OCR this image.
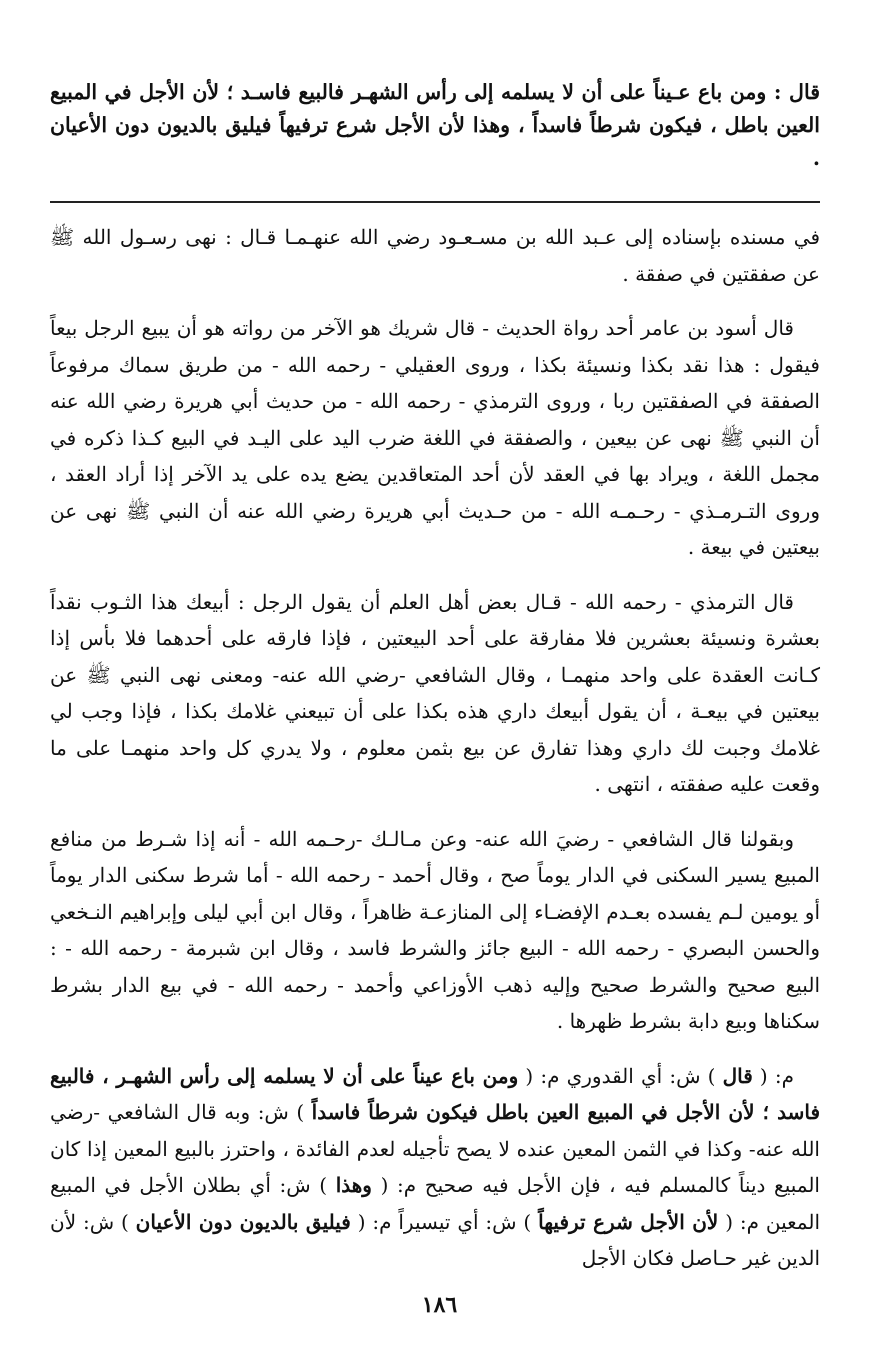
قال : ومن باع عـيناً على أن لا يسلمه إلى رأس الشهـر فالبيع فاسـد ؛ لأن الأجل في المبيع العين باطل ، فيكون شرطاً فاسداً ، وهذا لأن الأجل شرع ترفيهاً فيليق بالديون دون الأعيان .

في مسنده بإسناده إلى عـبد الله بن مسـعـود رضي الله عنهـمـا قـال : نهى رسـول الله ﷺ عن صفقتين في صفقة .

قال أسود بن عامر أحد رواة الحديث - قال شريك هو الآخر من رواته هو أن يبيع الرجل بيعاً فيقول : هذا نقد بكذا ونسيئة بكذا ، وروى العقيلي - رحمه الله - من طريق سماك مرفوعاً الصفقة في الصفقتين ربا ، وروى الترمذي - رحمه الله - من حديث أبي هريرة رضي الله عنه أن النبي ﷺ نهى عن بيعين ، والصفقة في اللغة ضرب اليد على اليـد في البيع كـذا ذكره في مجمل اللغة ، ويراد بها في العقد لأن أحد المتعاقدين يضع يده على يد الآخر إذا أراد العقد ، وروى التـرمـذي - رحـمـه الله - من حـديث أبي هريرة رضي الله عنه أن النبي ﷺ نهى عن بيعتين في بيعة .

قال الترمذي - رحمه الله - قـال بعض أهل العلم أن يقول الرجل : أبيعك هذا الثـوب نقداً بعشرة ونسيئة بعشرين فلا مفارقة على أحد البيعتين ، فإذا فارقه على أحدهما فلا بأس إذا كـانت العقدة على واحد منهمـا ، وقال الشافعي -رضي الله عنه- ومعنى نهى النبي ﷺ عن بيعتين في بيعـة ، أن يقول أبيعك داري هذه بكذا على أن تبيعني غلامك بكذا ، فإذا وجب لي غلامك وجبت لك داري وهذا تفارق عن بيع بثمن معلوم ، ولا يدري كل واحد منهمـا على ما وقعت عليه صفقته ، انتهى .

وبقولنا قال الشافعي - رضيَ الله عنه- وعن مـالـك -رحـمه الله - أنه إذا شـرط من منافع المبيع يسير السكنى في الدار يوماً صح ، وقال أحمد - رحمه الله - أما شرط سكنى الدار يوماً أو يومين لـم يفسده بعـدم الإفضـاء إلى المنازعـة ظاهراً ، وقال ابن أبي ليلى وإبراهيم النـخعي والحسن البصري - رحمه الله - البيع جائز والشرط فاسد ، وقال ابن شبرمة - رحمه الله - : البيع صحيح والشرط صحيح وإليه ذهب الأوزاعي وأحمد - رحمه الله - في بيع الدار بشرط سكناها وبيع دابة بشرط ظهرها .

م: ( قال ) ش: أي القدوري م: ( ومن باع عيناً على أن لا يسلمه إلى رأس الشهـر ، فالبيع فاسد ؛ لأن الأجل في المبيع العين باطل فيكون شرطاً فاسداً ) ش: وبه قال الشافعي -رضي الله عنه- وكذا في الثمن المعين عنده لا يصح تأجيله لعدم الفائدة ، واحترز بالبيع المعين إذا كان المبيع ديناً كالمسلم فيه ، فإن الأجل فيه صحيح م: ( وهذا ) ش: أي بطلان الأجل في المبيع المعين م: ( لأن الأجل شرع ترفيهاً ) ش: أي تيسيراً م: ( فيليق بالديون دون الأعيان ) ش: لأن الدين غير حـاصل فكان الأجل

١٨٦
